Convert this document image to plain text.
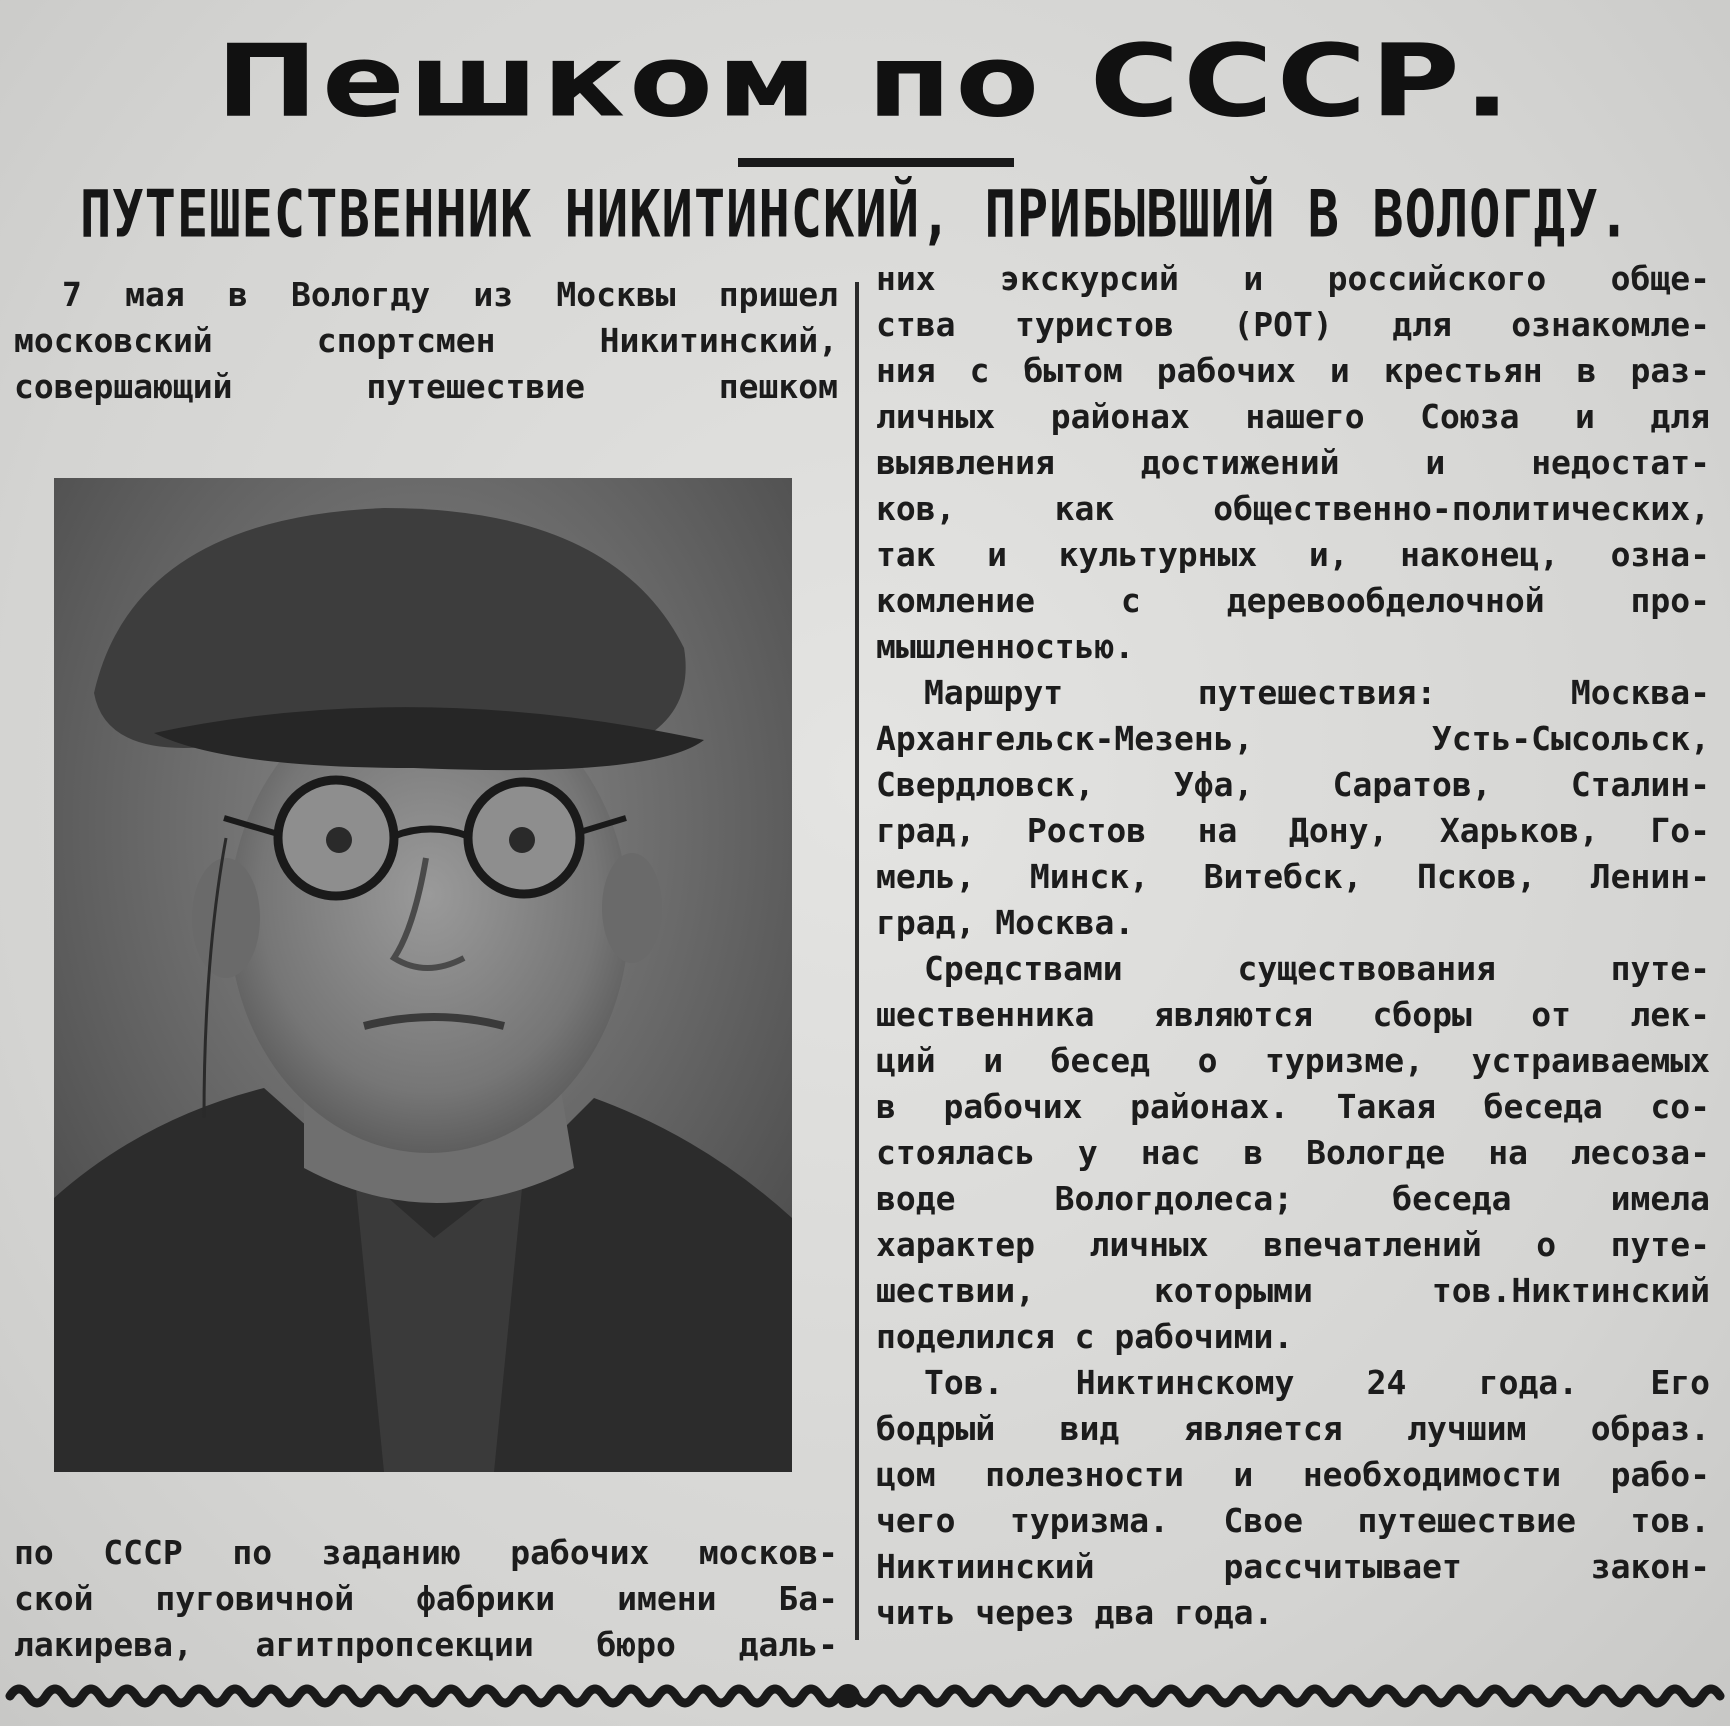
Пешком по СССР.
ПУТЕШЕСТВЕННИК НИКИТИНСКИЙ, ПРИБЫВШИЙ В ВОЛОГДУ.

7 мая в Вологду из Москвы пришел
московский спортсмен Никитинский,
совершающий путешествие пешком

по СССР по заданию рабочих москов-
ской пуговичной фабрики имени Ба-
лакирева, агитпропсекции бюро даль-

них экскурсий и российского обще-
ства туристов (РОТ) для ознакомле-
ния с бытом рабочих и крестьян в раз-
личных районах нашего Союза и для
выявления достижений и недостат-
ков, как общественно-политических,
так и культурных и, наконец, озна-
комление с деревообделочной про-
мышленностью.

Маршрут путешествия: Москва-
Архангельск-Мезень, Усть-Сысольск,
Свердловск, Уфа, Саратов, Сталин-
град, Ростов на Дону, Харьков, Го-
мель, Минск, Витебск, Псков, Ленин-
град, Москва.

Средствами существования путе-
шественника являются сборы от лек-
ций и бесед о туризме, устраиваемых
в рабочих районах. Такая беседа со-
стоялась у нас в Вологде на лесоза-
воде Вологдолеса; беседа имела
характер личных впечатлений о путе-
шествии, которыми тов.Никтинский
поделился с рабочими.

Тов. Никтинскому 24 года. Его
бодрый вид является лучшим образ.
цом полезности и необходимости рабо-
чего туризма. Свое путешествие тов.
Никтиинский рассчитывает закон-
чить через два года.
